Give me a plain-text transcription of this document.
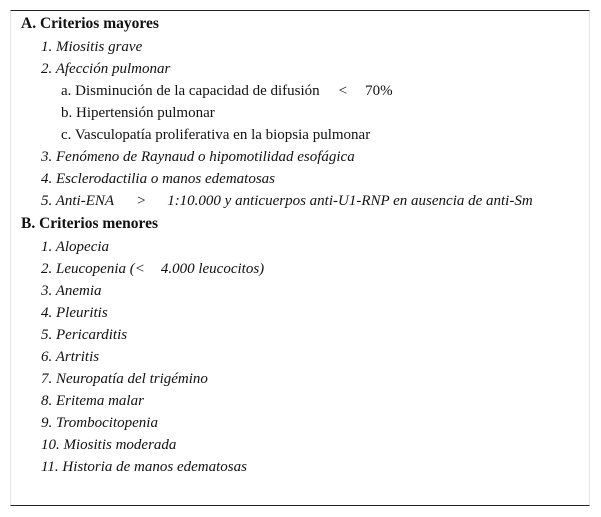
A. Criterios mayores
1. Miositis grave
2. Afección pulmonar
a. Disminución de la capacidad de difusión < 70%
b. Hipertensión pulmonar
c. Vasculopatía proliferativa en la biopsia pulmonar
3. Fenómeno de Raynaud o hipomotilidad esofágica
4. Esclerodactilia o manos edematosas
5. Anti-ENA > 1:10.000 y anticuerpos anti-U1-RNP en ausencia de anti-Sm
B. Criterios menores
1. Alopecia
2. Leucopenia (< 4.000 leucocitos)
3. Anemia
4. Pleuritis
5. Pericarditis
6. Artritis
7. Neuropatía del trigémino
8. Eritema malar
9. Trombocitopenia
10. Miositis moderada
11. Historia de manos edematosas
